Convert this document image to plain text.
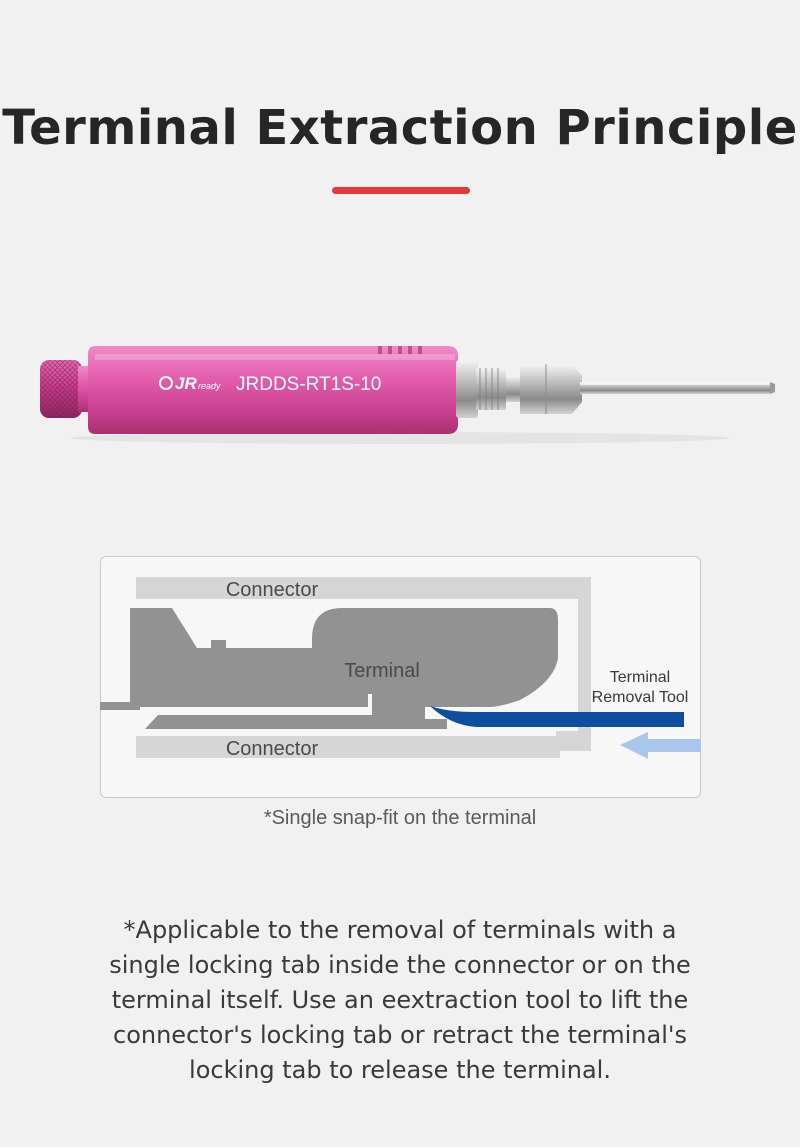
Terminal Extraction Principle
JR ready JRDDS-RT1S-10
Connector
Terminal	Terminal
Removal Tool
Connector
*Single snap-fit on the terminal
*Applicable to the removal of terminals with a single locking tab inside the connector or on the terminal itself. Use an eextraction tool to lift the connector's locking tab or retract the terminal's locking tab to release the terminal.
